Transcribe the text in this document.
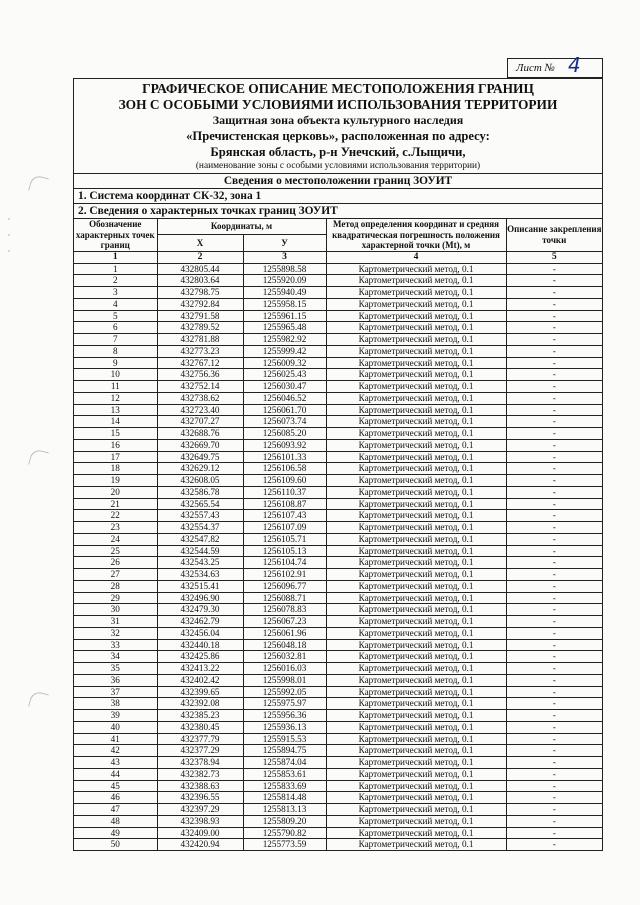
Лист № 4
ГРАФИЧЕСКОЕ ОПИСАНИЕ МЕСТОПОЛОЖЕНИЯ ГРАНИЦ
ЗОН С ОСОБЫМИ УСЛОВИЯМИ ИСПОЛЬЗОВАНИЯ ТЕРРИТОРИИ
Защитная зона объекта культурного наследия
«Пречистенская церковь», расположенная по адресу:
Брянская область, р-н Унечский, с.Лыщичи,
(наименование зоны с особыми условиями использования территории)
Сведения о местоположении границ ЗОУИТ
1. Система координат СК-32, зона 1
2. Сведения о характерных точках границ ЗОУИТ
Обозначение характерных точек границ	Координаты, м		Метод определения координат и средняя квадратическая погрешность положения характерной точки (Мt), м	Описание закрепления точки
	X	У		
1	2	3	4	5
1	432805.44	1255898.58	Картометрический метод, 0.1	-
2	432803.64	1255920.09	Картометрический метод, 0.1	-
3	432798.75	1255940.49	Картометрический метод, 0.1	-
4	432792.84	1255958.15	Картометрический метод, 0.1	-
5	432791.58	1255961.15	Картометрический метод, 0.1	-
6	432789.52	1255965.48	Картометрический метод, 0.1	-
7	432781.88	1255982.92	Картометрический метод, 0.1	-
8	432773.23	1255999.42	Картометрический метод, 0.1	-
9	432767.12	1256009.32	Картометрический метод, 0.1	-
10	432756.36	1256025.43	Картометрический метод, 0.1	-
11	432752.14	1256030.47	Картометрический метод, 0.1	-
12	432738.62	1256046.52	Картометрический метод, 0.1	-
13	432723.40	1256061.70	Картометрический метод, 0.1	-
14	432707.27	1256073.74	Картометрический метод, 0.1	-
15	432688.76	1256085.20	Картометрический метод, 0.1	-
16	432669.70	1256093.92	Картометрический метод, 0.1	-
17	432649.75	1256101.33	Картометрический метод, 0.1	-
18	432629.12	1256106.58	Картометрический метод, 0.1	-
19	432608.05	1256109.60	Картометрический метод, 0.1	-
20	432586.78	1256110.37	Картометрический метод, 0.1	-
21	432565.54	1256108.87	Картометрический метод, 0.1	-
22	432557.43	1256107.43	Картометрический метод, 0.1	-
23	432554.37	1256107.09	Картометрический метод, 0.1	-
24	432547.82	1256105.71	Картометрический метод, 0.1	-
25	432544.59	1256105.13	Картометрический метод, 0.1	-
26	432543.25	1256104.74	Картометрический метод, 0.1	-
27	432534.63	1256102.91	Картометрический метод, 0.1	-
28	432515.41	1256096.77	Картометрический метод, 0.1	-
29	432496.90	1256088.71	Картометрический метод, 0.1	-
30	432479.30	1256078.83	Картометрический метод, 0.1	-
31	432462.79	1256067.23	Картометрический метод, 0.1	-
32	432456.04	1256061.96	Картометрический метод, 0.1	-
33	432440.18	1256048.18	Картометрический метод, 0.1	-
34	432425.86	1256032.81	Картометрический метод, 0.1	-
35	432413.22	1256016.03	Картометрический метод, 0.1	-
36	432402.42	1255998.01	Картометрический метод, 0.1	-
37	432399.65	1255992.05	Картометрический метод, 0.1	-
38	432392.08	1255975.97	Картометрический метод, 0.1	-
39	432385.23	1255956.36	Картометрический метод, 0.1	-
40	432380.45	1255936.13	Картометрический метод, 0.1	-
41	432377.79	1255915.53	Картометрический метод, 0.1	-
42	432377.29	1255894.75	Картометрический метод, 0.1	-
43	432378.94	1255874.04	Картометрический метод, 0.1	-
44	432382.73	1255853.61	Картометрический метод, 0.1	-
45	432388.63	1255833.69	Картометрический метод, 0.1	-
46	432396.55	1255814.48	Картометрический метод, 0.1	-
47	432397.29	1255813.13	Картометрический метод, 0.1	-
48	432398.93	1255809.20	Картометрический метод, 0.1	-
49	432409.00	1255790.82	Картометрический метод, 0.1	-
50	432420.94	1255773.59	Картометрический метод, 0.1	-
